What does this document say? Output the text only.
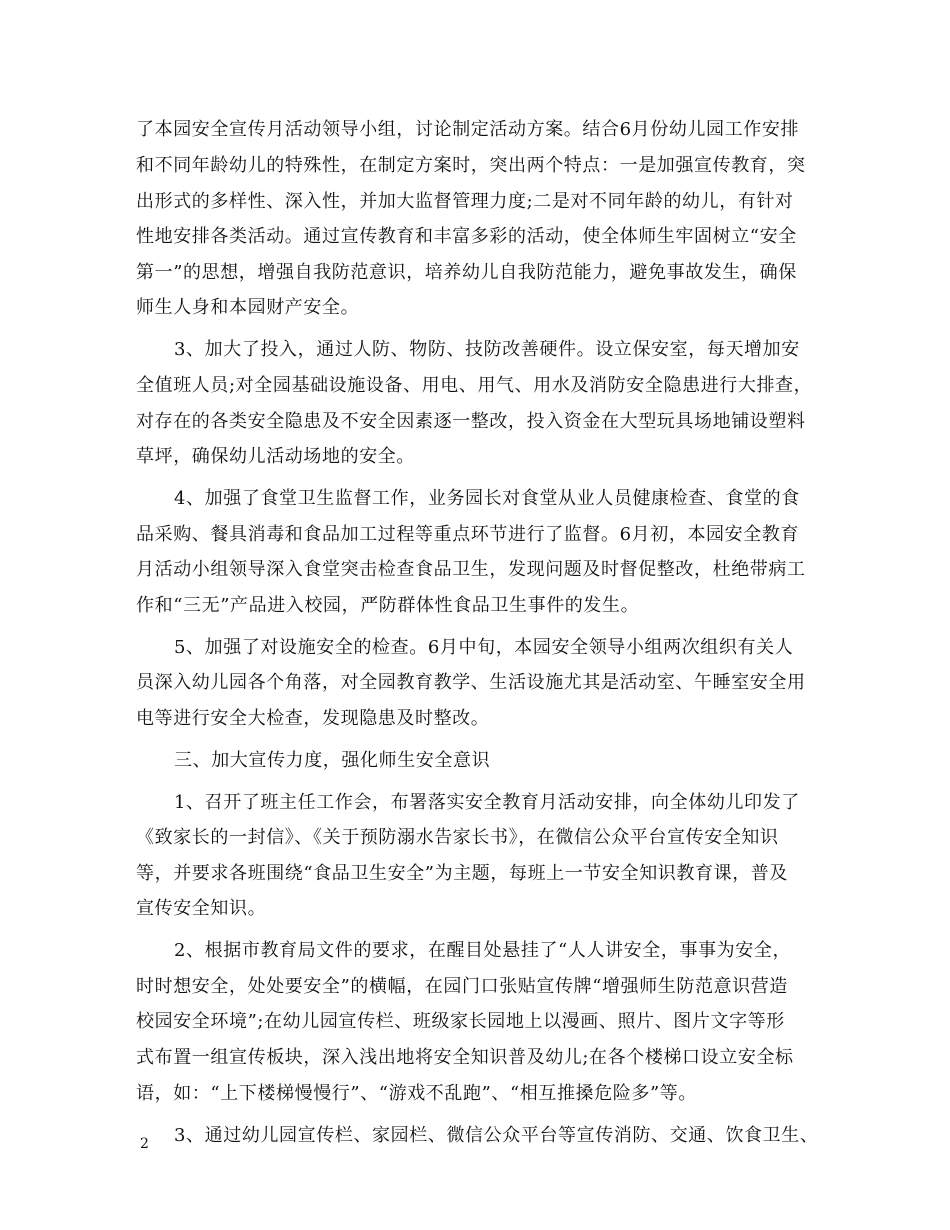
了本园安全宣传月活动领导小组，讨论制定活动方案。结合6月份幼儿园工作安排
和不同年龄幼儿的特殊性，在制定方案时，突出两个特点：一是加强宣传教育，突
出形式的多样性、深入性，并加大监督管理力度;二是对不同年龄的幼儿，有针对
性地安排各类活动。通过宣传教育和丰富多彩的活动，使全体师生牢固树立“安全
第一”的思想，增强自我防范意识，培养幼儿自我防范能力，避免事故发生，确保
师生人身和本园财产安全。
3、加大了投入，通过人防、物防、技防改善硬件。设立保安室，每天增加安
全值班人员;对全园基础设施设备、用电、用气、用水及消防安全隐患进行大排查，
对存在的各类安全隐患及不安全因素逐一整改，投入资金在大型玩具场地铺设塑料
草坪，确保幼儿活动场地的安全。
4、加强了食堂卫生监督工作，业务园长对食堂从业人员健康检查、食堂的食
品采购、餐具消毒和食品加工过程等重点环节进行了监督。6月初，本园安全教育
月活动小组领导深入食堂突击检查食品卫生，发现问题及时督促整改，杜绝带病工
作和“三无”产品进入校园，严防群体性食品卫生事件的发生。
5、加强了对设施安全的检查。6月中旬，本园安全领导小组两次组织有关人
员深入幼儿园各个角落，对全园教育教学、生活设施尤其是活动室、午睡室安全用
电等进行安全大检查，发现隐患及时整改。
三、加大宣传力度，强化师生安全意识
1、召开了班主任工作会，布署落实安全教育月活动安排，向全体幼儿印发了
《致家长的一封信》、《关于预防溺水告家长书》，在微信公众平台宣传安全知识
等，并要求各班围绕“食品卫生安全”为主题，每班上一节安全知识教育课，普及
宣传安全知识。
2、根据市教育局文件的要求，在醒目处悬挂了“人人讲安全，事事为安全，
时时想安全，处处要安全”的横幅，在园门口张贴宣传牌“增强师生防范意识营造
校园安全环境”;在幼儿园宣传栏、班级家长园地上以漫画、照片、图片文字等形
式布置一组宣传板块，深入浅出地将安全知识普及幼儿;在各个楼梯口设立安全标
语，如：“上下楼梯慢慢行”、“游戏不乱跑”、“相互推搡危险多”等。
3、通过幼儿园宣传栏、家园栏、微信公众平台等宣传消防、交通、饮食卫生、
2
